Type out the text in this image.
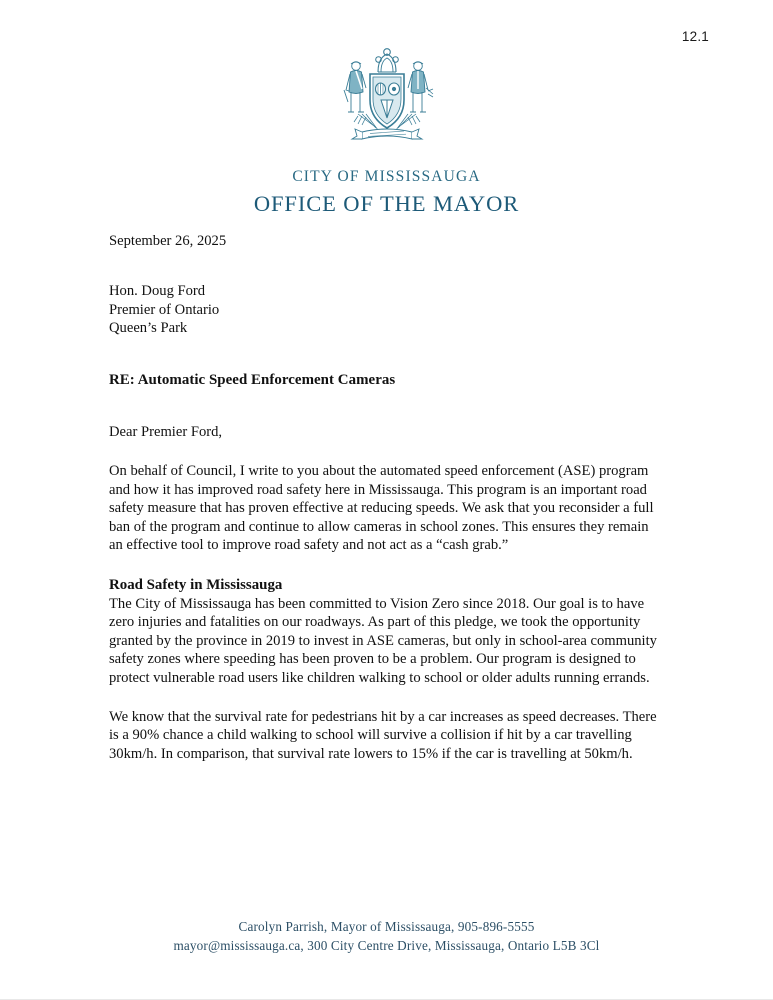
12.1
CITY OF MISSISSAUGA
OFFICE OF THE MAYOR
September 26, 2025
Hon. Doug Ford
Premier of Ontario
Queen’s Park
RE: Automatic Speed Enforcement Cameras
Dear Premier Ford,
On behalf of Council, I write to you about the automated speed enforcement (ASE) program and how it has improved road safety here in Mississauga. This program is an important road safety measure that has proven effective at reducing speeds. We ask that you reconsider a full ban of the program and continue to allow cameras in school zones. This ensures they remain an effective tool to improve road safety and not act as a “cash grab.”
Road Safety in Mississauga
The City of Mississauga has been committed to Vision Zero since 2018. Our goal is to have zero injuries and fatalities on our roadways. As part of this pledge, we took the opportunity granted by the province in 2019 to invest in ASE cameras, but only in school-area community safety zones where speeding has been proven to be a problem. Our program is designed to protect vulnerable road users like children walking to school or older adults running errands.
We know that the survival rate for pedestrians hit by a car increases as speed decreases. There is a 90% chance a child walking to school will survive a collision if hit by a car travelling 30km/h. In comparison, that survival rate lowers to 15% if the car is travelling at 50km/h.
Carolyn Parrish, Mayor of Mississauga, 905-896-5555
mayor@mississauga.ca, 300 City Centre Drive, Mississauga, Ontario L5B 3Cl
